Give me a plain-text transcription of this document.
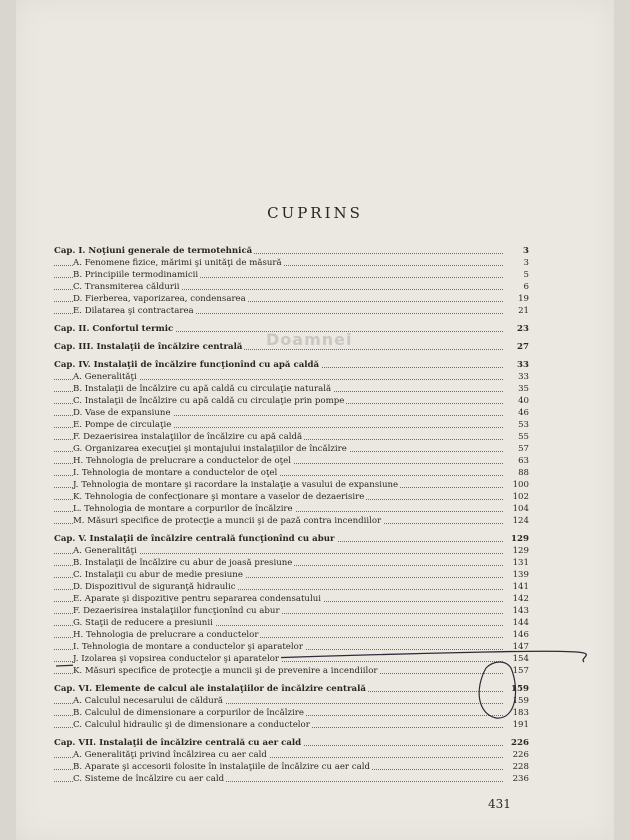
CUPRINS
Doamnei
Cap. I. Noţiuni generale de termotehnică	3
A. Fenomene fizice, mărimi şi unităţi de măsură	3
B. Principiile termodinamicii	5
C. Transmiterea căldurii	6
D. Fierberea, vaporizarea, condensarea	19
E. Dilatarea şi contractarea	21
Cap. II. Confortul termic	23
Cap. III. Instalaţii de încălzire centrală	27
Cap. IV. Instalaţii de încălzire funcţionînd cu apă caldă	33
A. Generalităţi	33
B. Instalaţii de încălzire cu apă caldă cu circulaţie naturală	35
C. Instalaţii de încălzire cu apă caldă cu circulaţie prin pompe	40
D. Vase de expansiune	46
E. Pompe de circulaţie	53
F. Dezaerisirea instalaţiilor de încălzire cu apă caldă	55
G. Organizarea execuţiei şi montajului instalaţiilor de încălzire	57
H. Tehnologia de prelucrare a conductelor de oţel	63
I. Tehnologia de montare a conductelor de oţel	88
J. Tehnologia de montare şi racordare la instalaţie a vasului de expansiune	100
K. Tehnologia de confecţionare şi montare a vaselor de dezaerisire	102
L. Tehnologia de montare a corpurilor de încălzire	104
M. Măsuri specifice de protecţie a muncii şi de pază contra incendiilor	124
Cap. V. Instalaţii de încălzire centrală funcţionînd cu abur	129
A. Generalităţi	129
B. Instalaţii de încălzire cu abur de joasă presiune	131
C. Instalaţii cu abur de medie presiune	139
D. Dispozitivul de siguranţă hidraulic	141
E. Aparate şi dispozitive pentru separarea condensatului	142
F. Dezaerisirea instalaţiilor funcţionînd cu abur	143
G. Staţii de reducere a presiunii	144
H. Tehnologia de prelucrare a conductelor	146
I. Tehnologia de montare a conductelor şi aparatelor	147
J. Izolarea şi vopsirea conductelor şi aparatelor	154
K. Măsuri specifice de protecţie a muncii şi de prevenire a incendiilor	157
Cap. VI. Elemente de calcul ale instalaţiilor de încălzire centrală	159
A. Calculul necesarului de căldură	159
B. Calculul de dimensionare a corpurilor de încălzire	183
C. Calculul hidraulic şi de dimensionare a conductelor	191
Cap. VII. Instalaţii de încălzire centrală cu aer cald	226
A. Generalităţi privind încălzirea cu aer cald	226
B. Aparate şi accesorii folosite în instalaţiile de încălzire cu aer cald	228
C. Sisteme de încălzire cu aer cald	236
431
